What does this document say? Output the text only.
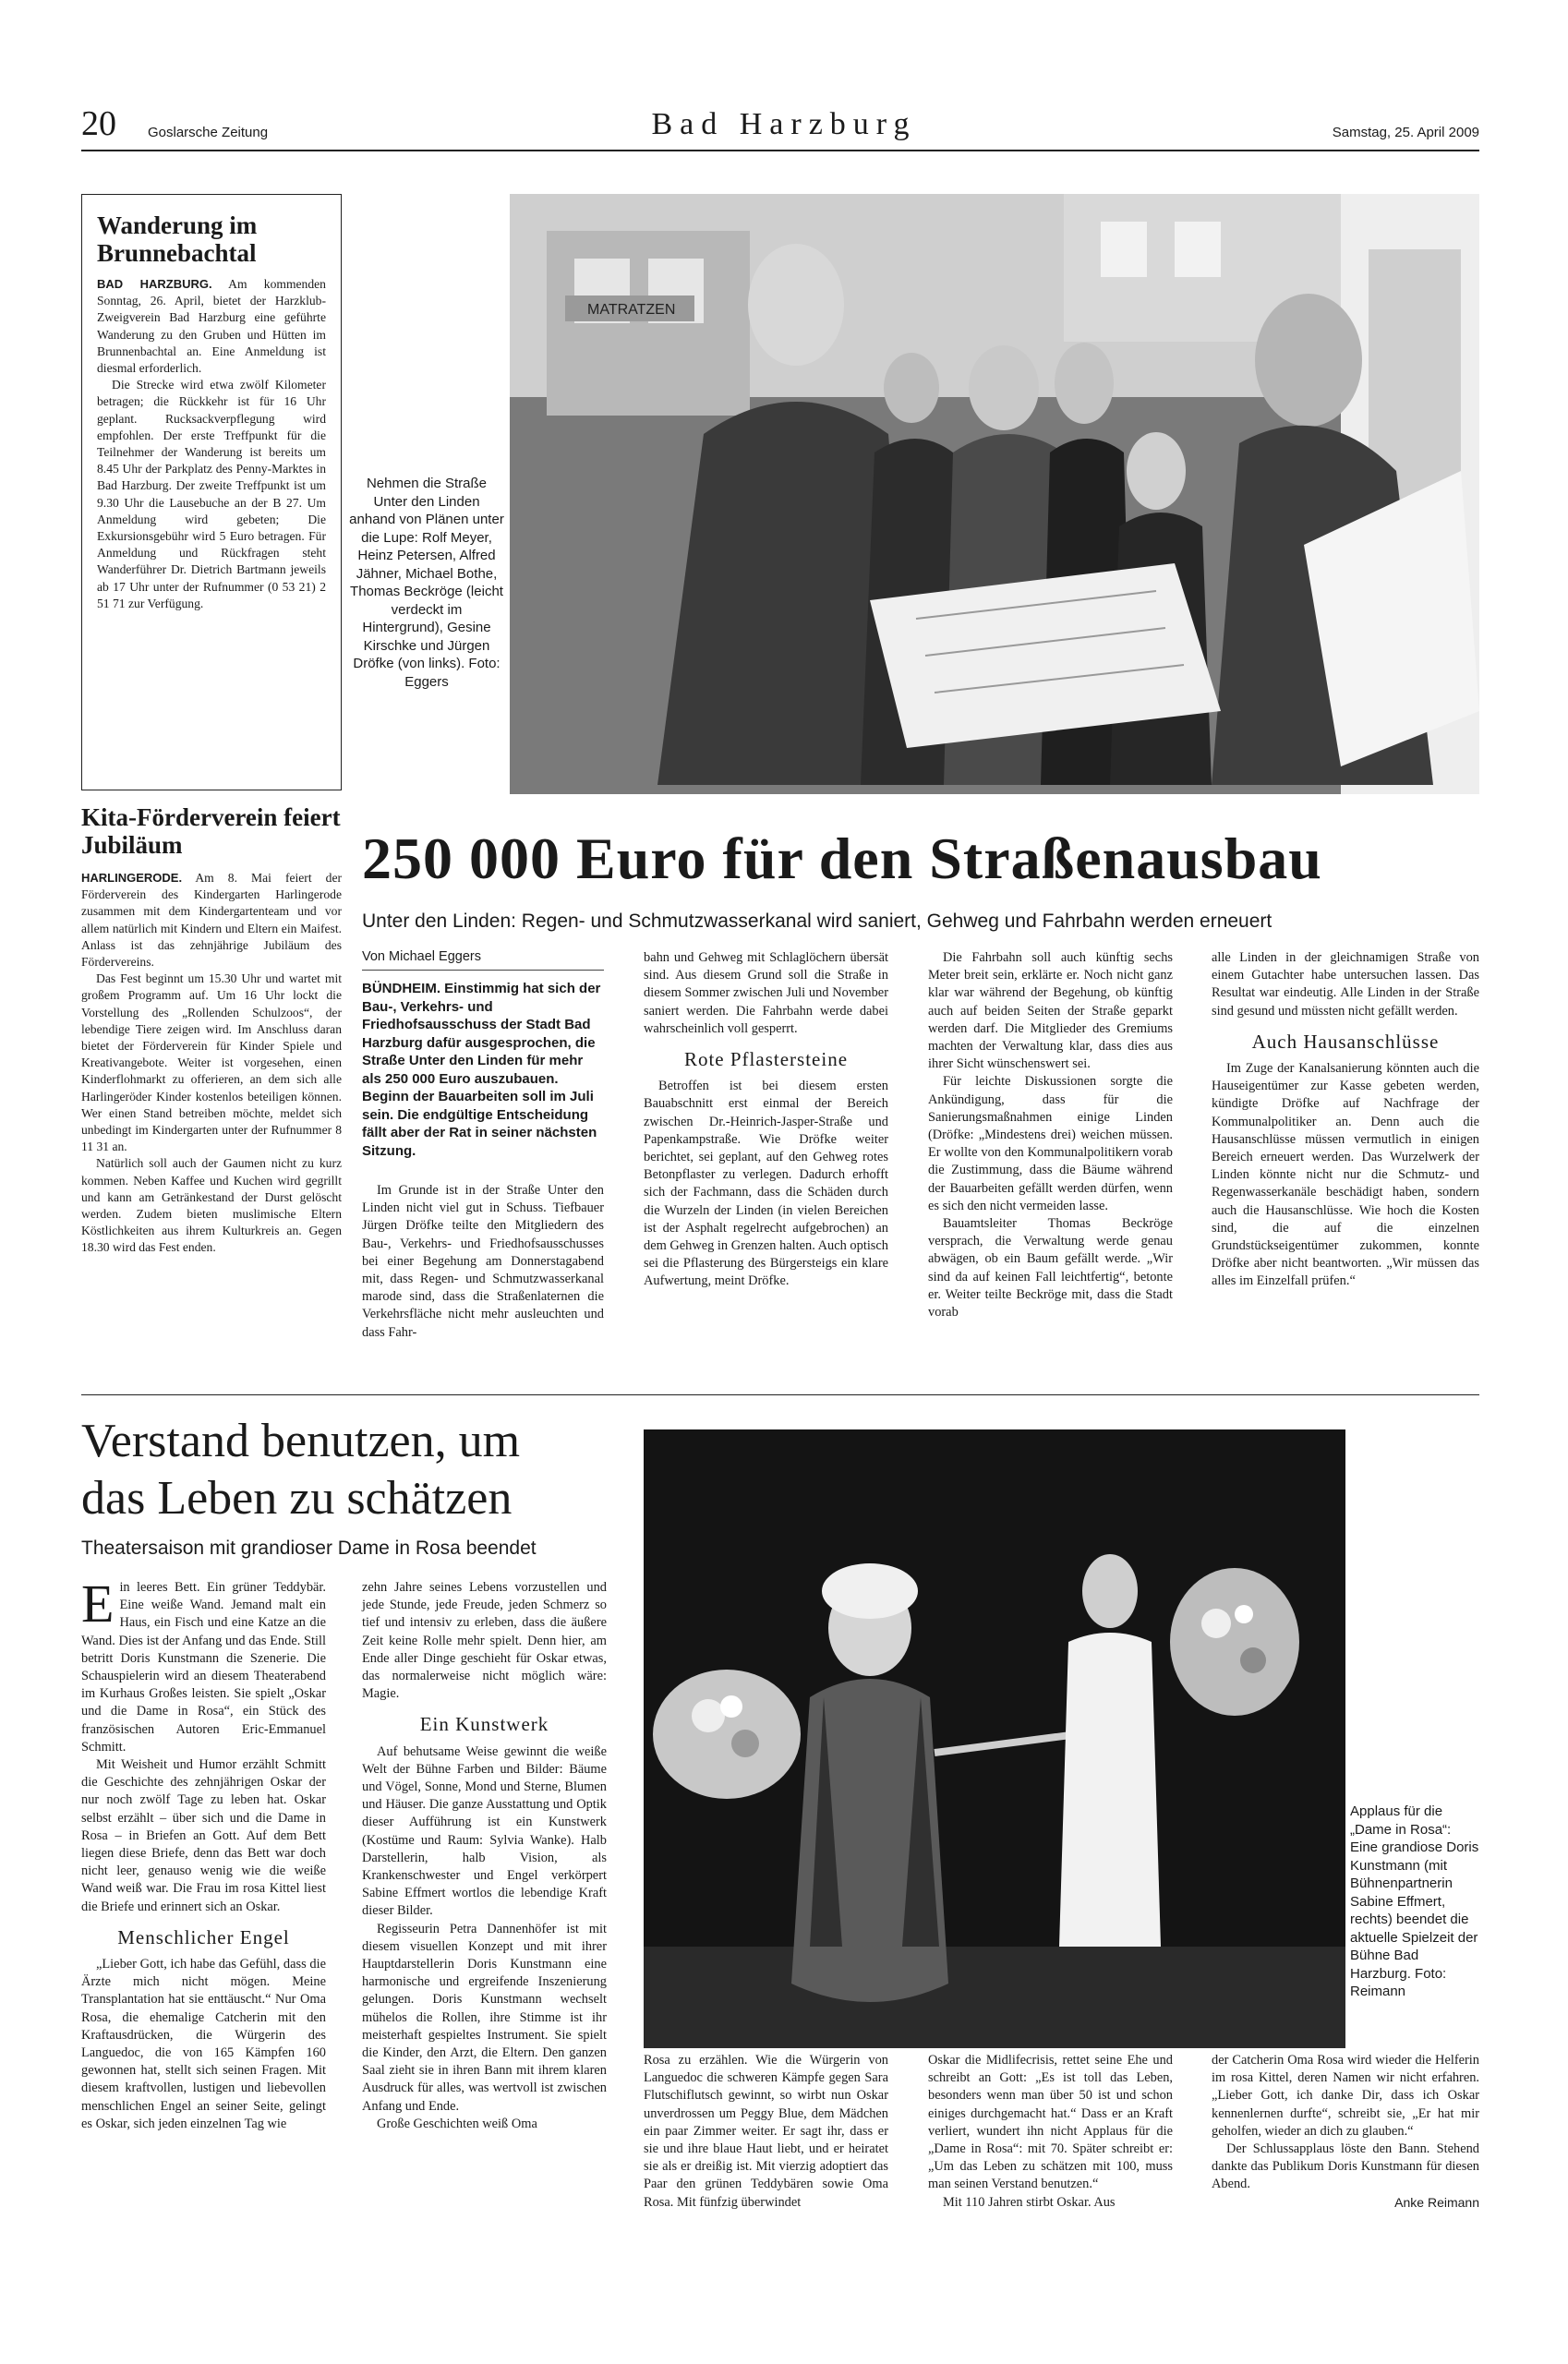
20 Goslarsche Zeitung	Bad Harzburg	Samstag, 25. April 2009
Wanderung im Brunnebachtal

BAD HARZBURG. Am kommenden Sonntag, 26. April, bietet der Harzklub-Zweigverein Bad Harzburg eine geführte Wanderung zu den Gruben und Hütten im Brunnenbachtal an. Eine Anmeldung ist diesmal erforderlich.

Die Strecke wird etwa zwölf Kilometer betragen; die Rückkehr ist für 16 Uhr geplant. Rucksackverpflegung wird empfohlen. Der erste Treffpunkt für die Teilnehmer der Wanderung ist bereits um 8.45 Uhr der Parkplatz des Penny-Marktes in Bad Harzburg. Der zweite Treffpunkt ist um 9.30 Uhr die Lausebuche an der B 27. Um Anmeldung wird gebeten; Die Exkursionsgebühr wird 5 Euro betragen. Für Anmeldung und Rückfragen steht Wanderführer Dr. Dietrich Bartmann jeweils ab 17 Uhr unter der Rufnummer (0 53 21) 2 51 71 zur Verfügung.

Nehmen die Straße Unter den Linden anhand von Plänen unter die Lupe: Rolf Meyer, Heinz Petersen, Alfred Jähner, Michael Bothe, Thomas Beckröge (leicht verdeckt im Hintergrund), Gesine Kirschke und Jürgen Dröfke (von links). Foto: Eggers
MATRATZEN
Kita-Förderverein feiert Jubiläum

HARLINGERODE. Am 8. Mai feiert der Förderverein des Kindergarten Harlingerode zusammen mit dem Kindergartenteam und vor allem natürlich mit Kindern und Eltern ein Maifest. Anlass ist das zehnjährige Jubiläum des Fördervereins.

Das Fest beginnt um 15.30 Uhr und wartet mit großem Programm auf. Um 16 Uhr lockt die Vorstellung des „Rollenden Schulzoos“, der lebendige Tiere zeigen wird. Im Anschluss daran bietet der Förderverein für Kinder Spiele und Kreativangebote. Weiter ist vorgesehen, einen Kinderflohmarkt zu offerieren, an dem sich alle Harlingeröder Kinder kostenlos beteiligen können. Wer einen Stand betreiben möchte, meldet sich unbedingt im Kindergarten unter der Rufnummer 8 11 31 an.

Natürlich soll auch der Gaumen nicht zu kurz kommen. Neben Kaffee und Kuchen wird gegrillt und kann am Getränkestand der Durst gelöscht werden. Zudem bieten muslimische Eltern Köstlichkeiten aus ihrem Kulturkreis an. Gegen 18.30 wird das Fest enden.

250 000 Euro für den Straßenausbau
Unter den Linden: Regen- und Schmutzwasserkanal wird saniert, Gehweg und Fahrbahn werden erneuert
Von Michael Eggers
BÜNDHEIM. Einstimmig hat sich der Bau-, Verkehrs- und Friedhofsausschuss der Stadt Bad Harzburg dafür ausgesprochen, die Straße Unter den Linden für mehr als 250 000 Euro auszubauen. Beginn der Bauarbeiten soll im Juli sein. Die endgültige Entscheidung fällt aber der Rat in seiner nächsten Sitzung.

Im Grunde ist in der Straße Unter den Linden nicht viel gut in Schuss. Tiefbauer Jürgen Dröfke teilte den Mitgliedern des Bau-, Verkehrs- und Friedhofsausschusses bei einer Begehung am Donnerstagabend mit, dass Regen- und Schmutzwasserkanal marode sind, dass die Straßenlaternen die Verkehrsfläche nicht mehr ausleuchten und dass Fahr-

bahn und Gehweg mit Schlaglöchern übersät sind. Aus diesem Grund soll die Straße in diesem Sommer zwischen Juli und November saniert werden. Die Fahrbahn werde dabei wahrscheinlich voll gesperrt.

Rote Pflastersteine

Betroffen ist bei diesem ersten Bauabschnitt erst einmal der Bereich zwischen Dr.-Heinrich-Jasper-Straße und Papenkampstraße. Wie Dröfke weiter berichtet, sei geplant, auf den Gehweg rotes Betonpflaster zu verlegen. Dadurch erhofft sich der Fachmann, dass die Schäden durch die Wurzeln der Linden (in vielen Bereichen ist der Asphalt regelrecht aufgebrochen) an dem Gehweg in Grenzen halten. Auch optisch sei die Pflasterung des Bürgersteigs ein klare Aufwertung, meint Dröfke.

Die Fahrbahn soll auch künftig sechs Meter breit sein, erklärte er. Noch nicht ganz klar war während der Begehung, ob künftig auch auf beiden Seiten der Straße geparkt werden darf. Die Mitglieder des Gremiums machten der Verwaltung klar, dass dies aus ihrer Sicht wünschenswert sei.

Für leichte Diskussionen sorgte die Ankündigung, dass für die Sanierungsmaßnahmen einige Linden (Dröfke: „Mindestens drei) weichen müssen. Er wollte von den Kommunalpolitikern vorab die Zustimmung, dass die Bäume während der Bauarbeiten gefällt werden dürfen, wenn es sich den nicht vermeiden lasse.

Bauamtsleiter Thomas Beckröge versprach, die Verwaltung werde genau abwägen, ob ein Baum gefällt werde. „Wir sind da auf keinen Fall leichtfertig“, betonte er. Weiter teilte Beckröge mit, dass die Stadt vorab

alle Linden in der gleichnamigen Straße von einem Gutachter habe untersuchen lassen. Das Resultat war eindeutig. Alle Linden in der Straße sind gesund und müssten nicht gefällt werden.

Auch Hausanschlüsse

Im Zuge der Kanalsanierung könnten auch die Hauseigentümer zur Kasse gebeten werden, kündigte Dröfke auf Nachfrage der Kommunalpolitiker an. Denn auch die Hausanschlüsse müssen vermutlich in einigen Bereich erneuert werden. Das Wurzelwerk der Linden könnte nicht nur die Schmutz- und Regenwasserkanäle beschädigt haben, sondern auch die Hausanschlüsse. Wie hoch die Kosten sind, die auf die einzelnen Grundstückseigentümer zukommen, konnte Dröfke aber nicht beantworten. „Wir müssen das alles im Einzelfall prüfen.“

Verstand benutzen, um
das Leben zu schätzen
Theatersaison mit grandioser Dame in Rosa beendet

Ein leeres Bett. Ein grüner Teddybär. Eine weiße Wand. Jemand malt ein Haus, ein Fisch und eine Katze an die Wand. Dies ist der Anfang und das Ende. Still betritt Doris Kunstmann die Szenerie. Die Schauspielerin wird an diesem Theaterabend im Kurhaus Großes leisten. Sie spielt „Oskar und die Dame in Rosa“, ein Stück des französischen Autoren Eric-Emmanuel Schmitt.

Mit Weisheit und Humor erzählt Schmitt die Geschichte des zehnjährigen Oskar der nur noch zwölf Tage zu leben hat. Oskar selbst erzählt – über sich und die Dame in Rosa – in Briefen an Gott. Auf dem Bett liegen diese Briefe, denn das Bett war doch nicht leer, genauso wenig wie die weiße Wand weiß war. Die Frau im rosa Kittel liest die Briefe und erinnert sich an Oskar.

Menschlicher Engel

„Lieber Gott, ich habe das Gefühl, dass die Ärzte mich nicht mögen. Meine Transplantation hat sie enttäuscht.“ Nur Oma Rosa, die ehemalige Catcherin mit den Kraftausdrücken, die Würgerin des Languedoc, die von 165 Kämpfen 160 gewonnen hat, stellt sich seinen Fragen. Mit diesem kraftvollen, lustigen und liebevollen menschlichen Engel an seiner Seite, gelingt es Oskar, sich jeden einzelnen Tag wie

zehn Jahre seines Lebens vorzustellen und jede Stunde, jede Freude, jeden Schmerz so tief und intensiv zu erleben, dass die äußere Zeit keine Rolle mehr spielt. Denn hier, am Ende aller Dinge geschieht für Oskar etwas, das normalerweise nicht möglich wäre: Magie.

Ein Kunstwerk

Auf behutsame Weise gewinnt die weiße Welt der Bühne Farben und Bilder: Bäume und Vögel, Sonne, Mond und Sterne, Blumen und Häuser. Die ganze Ausstattung und Optik dieser Aufführung ist ein Kunstwerk (Kostüme und Raum: Sylvia Wanke). Halb Darstellerin, halb Vision, als Krankenschwester und Engel verkörpert Sabine Effmert wortlos die lebendige Kraft dieser Bilder.

Regisseurin Petra Dannenhöfer ist mit diesem visuellen Konzept und mit ihrer Hauptdarstellerin Doris Kunstmann eine harmonische und ergreifende Inszenierung gelungen. Doris Kunstmann wechselt mühelos die Rollen, ihre Stimme ist ihr meisterhaft gespieltes Instrument. Sie spielt die Kinder, den Arzt, die Eltern. Den ganzen Saal zieht sie in ihren Bann mit ihrem klaren Ausdruck für alles, was wertvoll ist zwischen Anfang und Ende.

Große Geschichten weiß Oma

Applaus für die „Dame in Rosa“: Eine grandiose Doris Kunstmann (mit Bühnenpartnerin Sabine Effmert, rechts) beendet die aktuelle Spielzeit der Bühne Bad Harzburg. Foto: Reimann

Rosa zu erzählen. Wie die Würgerin von Languedoc die schweren Kämpfe gegen Sara Flutschiflutsch gewinnt, so wirbt nun Oskar unverdrossen um Peggy Blue, dem Mädchen ein paar Zimmer weiter. Er sagt ihr, dass er sie und ihre blaue Haut liebt, und er heiratet sie als er dreißig ist. Mit vierzig adoptiert das Paar den grünen Teddybären sowie Oma Rosa. Mit fünfzig überwindet

Oskar die Midlifecrisis, rettet seine Ehe und schreibt an Gott: „Es ist toll das Leben, besonders wenn man über 50 ist und schon einiges durchgemacht hat.“ Dass er an Kraft verliert, wundert ihn nicht Applaus für die „Dame in Rosa“: mit 70. Später schreibt er: „Um das Leben zu schätzen mit 100, muss man seinen Verstand benutzen.“

Mit 110 Jahren stirbt Oskar. Aus

der Catcherin Oma Rosa wird wieder die Helferin im rosa Kittel, deren Namen wir nicht erfahren. „Lieber Gott, ich danke Dir, dass ich Oskar kennenlernen durfte“, schreibt sie, „Er hat mir geholfen, wieder an dich zu glauben.“

Der Schlussapplaus löste den Bann. Stehend dankte das Publikum Doris Kunstmann für diesen Abend.

Anke Reimann
